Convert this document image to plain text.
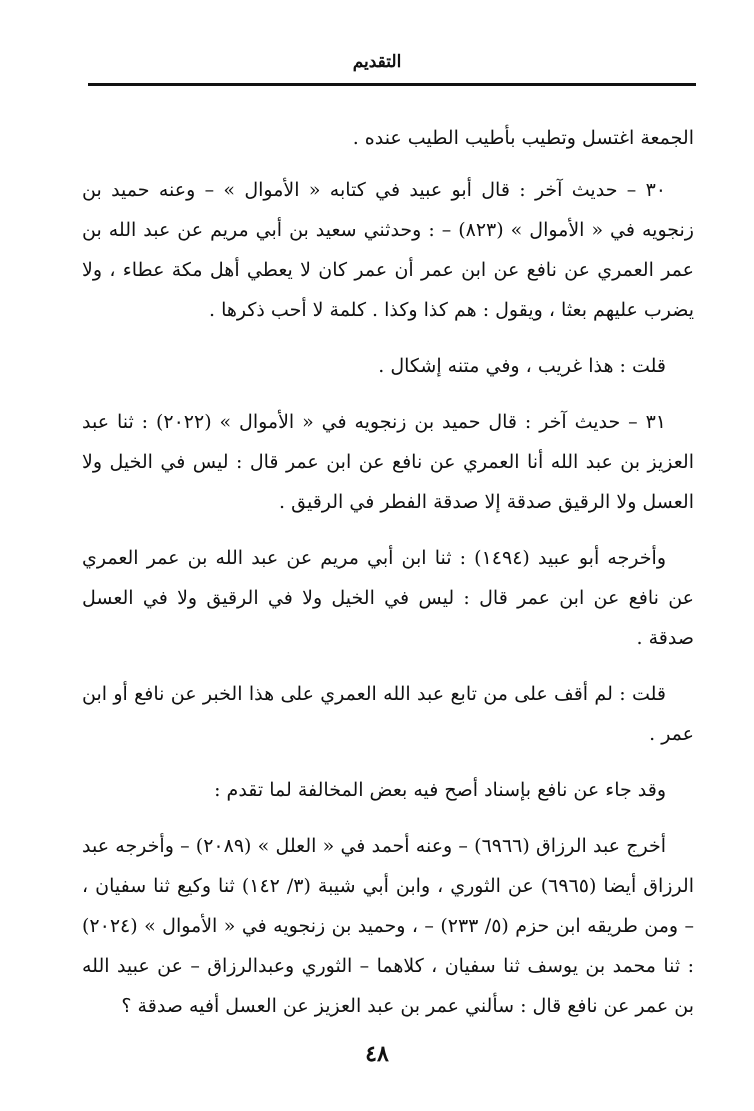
التقديم

الجمعة اغتسل وتطيب بأطيب الطيب عنده .

٣٠ – حديث آخر : قال أبو عبيد في كتابه « الأموال » – وعنه حميد بن زنجويه في « الأموال » (٨٢٣) – : وحدثني سعيد بن أبي مريم عن عبد الله بن عمر العمري عن نافع عن ابن عمر أن عمر كان لا يعطي أهل مكة عطاء ، ولا يضرب عليهم بعثا ، ويقول : هم كذا وكذا . كلمة لا أحب ذكرها .

قلت : هذا غريب ، وفي متنه إشكال .

٣١ – حديث آخر : قال حميد بن زنجويه في « الأموال » (٢٠٢٢) : ثنا عبد العزيز بن عبد الله أنا العمري عن نافع عن ابن عمر قال : ليس في الخيل ولا العسل ولا الرقيق صدقة إلا صدقة الفطر في الرقيق .

وأخرجه أبو عبيد (١٤٩٤) : ثنا ابن أبي مريم عن عبد الله بن عمر العمري عن نافع عن ابن عمر قال : ليس في الخيل ولا في الرقيق ولا في العسل صدقة .

قلت : لم أقف على من تابع عبد الله العمري على هذا الخبر عن نافع أو ابن عمر .

وقد جاء عن نافع بإسناد أصح فيه بعض المخالفة لما تقدم :

أخرج عبد الرزاق (٦٩٦٦) – وعنه أحمد في « العلل » (٢٠٨٩) – وأخرجه عبد الرزاق أيضا (٦٩٦٥) عن الثوري ، وابن أبي شيبة (٣/ ١٤٢) ثنا وكيع ثنا سفيان ، – ومن طريقه ابن حزم (٥/ ٢٣٣) – ، وحميد بن زنجويه في « الأموال » (٢٠٢٤) : ثنا محمد بن يوسف ثنا سفيان ، كلاهما – الثوري وعبدالرزاق – عن عبيد الله بن عمر عن نافع قال : سألني عمر بن عبد العزيز عن العسل أفيه صدقة ؟

٤٨
